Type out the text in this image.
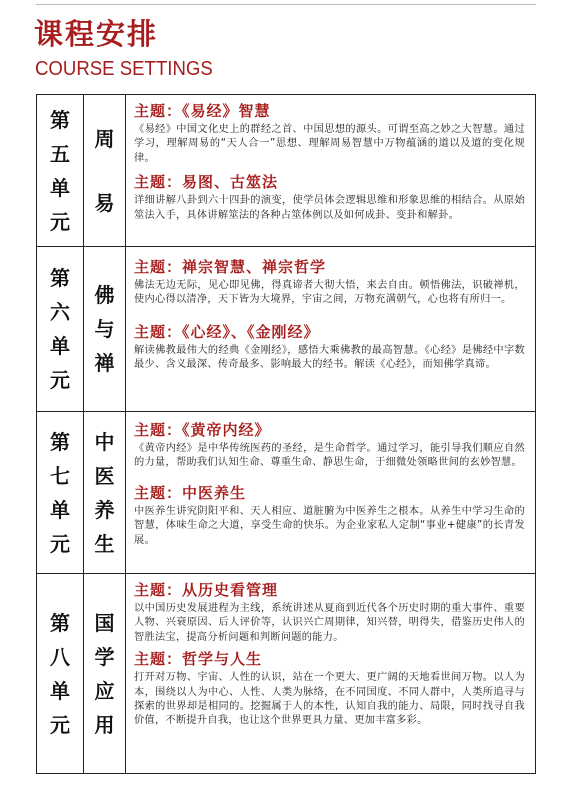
课程安排
COURSE SETTINGS
第
五
单
元
周
易
主题：《易经》智慧
《易经》中国文化史上的群经之首、中国思想的源头。可谓至高之妙之大智慧。通过学习，理解周易的“天人合一”思想、理解周易智慧中万物蕴涵的道以及道的变化规律。
主题：易图、古筮法
详细讲解八卦到六十四卦的演变，使学员体会逻辑思维和形象思维的相结合。从原始筮法入手，具体讲解筮法的各种占筮体例以及如何成卦、变卦和解卦。
第
六
单
元
佛
与
禅
主题：禅宗智慧、禅宗哲学
佛法无边无际，见心即见佛，得真谛者大彻大悟，来去自由。顿悟佛法，识破禅机，使内心得以清净，天下皆为大境界，宇宙之间，万物充满朝气，心也将有所归一。
主题：《心经》、《金刚经》
解读佛教最伟大的经典《金刚经》，感悟大乘佛教的最高智慧。《心经》是佛经中字数最少、含义最深、传奇最多、影响最大的经书。解读《心经》，而知佛学真谛。
第
七
单
元
中
医
养
生
主题：《黄帝内经》
《黄帝内经》是中华传统医药的圣经，是生命哲学。通过学习，能引导我们顺应自然的力量，帮助我们认知生命、尊重生命、静思生命，于细微处领略世间的玄妙智慧。
主题：中医养生
中医养生讲究阴阳平和、天人相应、道脏腑为中医养生之根本。从养生中学习生命的智慧，体味生命之大道，享受生命的快乐。为企业家私人定制“事业+健康”的长青发展。
第
八
单
元
国
学
应
用
主题：从历史看管理
以中国历史发展进程为主线，系统讲述从夏商到近代各个历史时期的重大事件、重要人物、兴衰原因、后人评价等，认识兴亡周期律，知兴替，明得失，借鉴历史伟人的智胜法宝，提高分析问题和判断问题的能力。
主题：哲学与人生
打开对万物、宇宙、人性的认识，站在一个更大、更广阔的天地看世间万物。以人为本，围绕以人为中心、人性、人类为脉络，在不同国度、不同人群中，人类所追寻与探索的世界却是相同的。挖掘属于人的本性，认知自我的能力、局限，同时找寻自我价值，不断提升自我，也让这个世界更具力量、更加丰富多彩。
